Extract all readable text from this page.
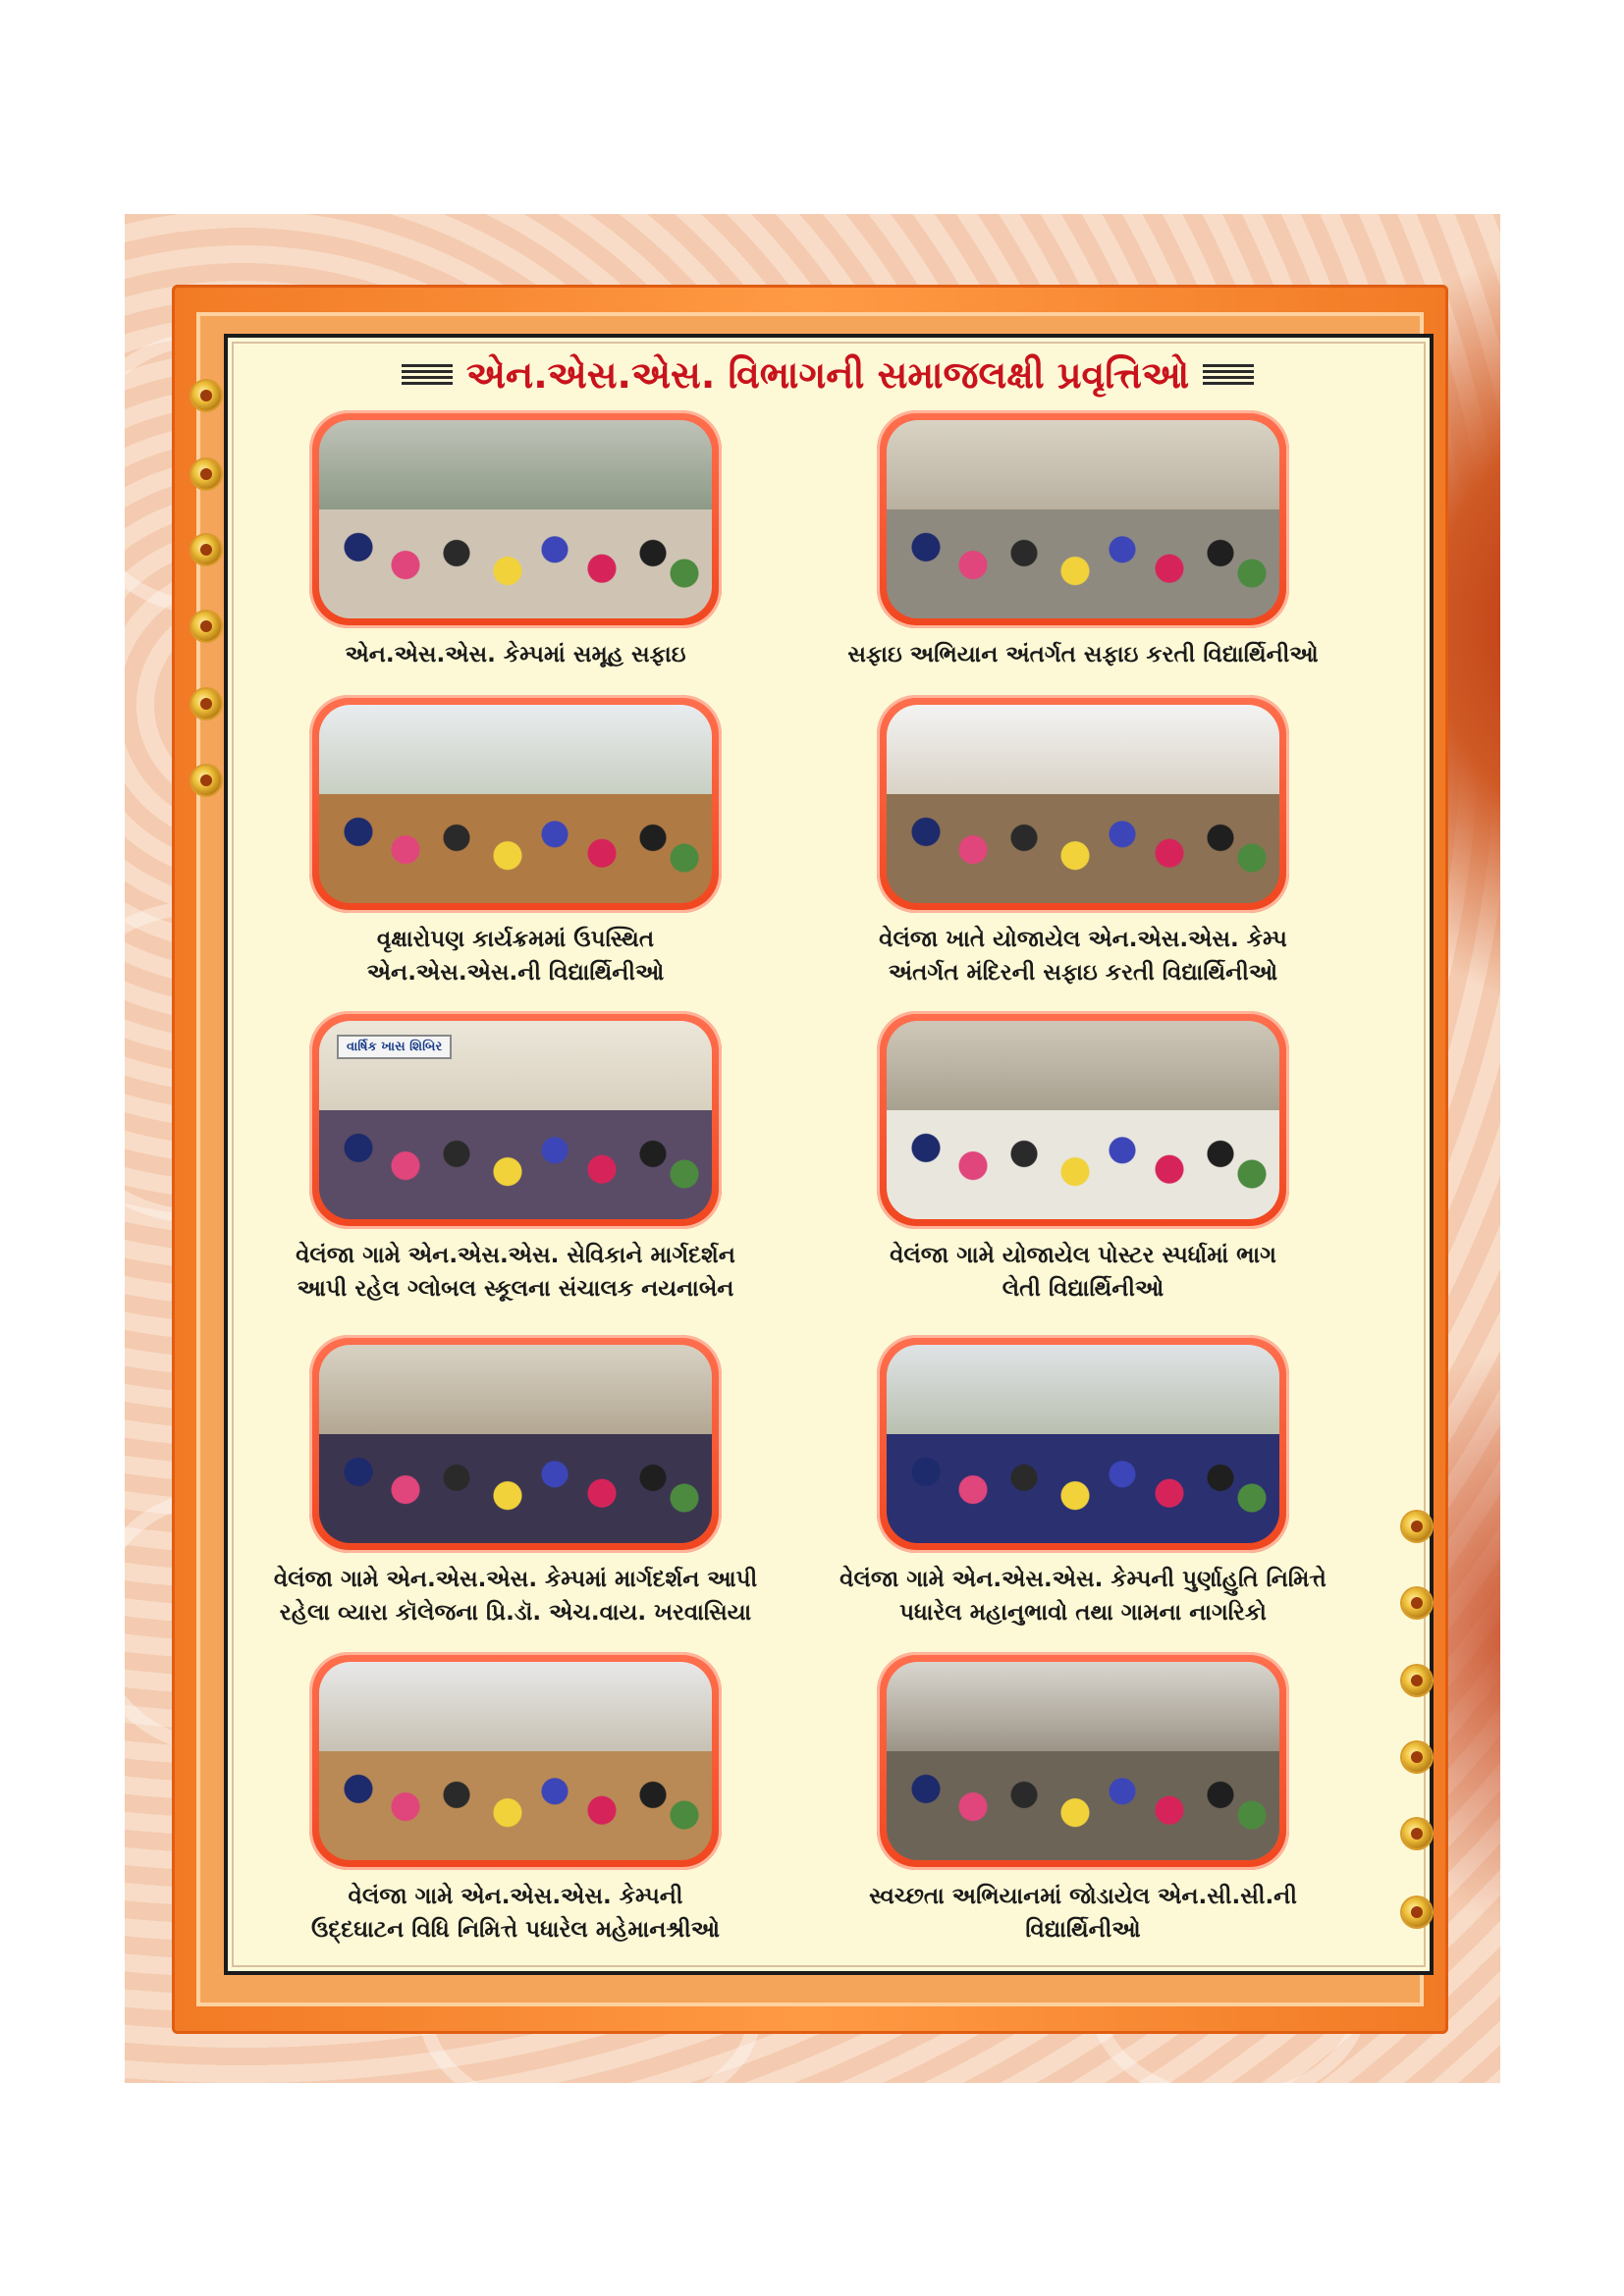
એન.એસ.એસ. વિભાગની સમાજલક્ષી પ્રવૃત્તિઓ
એન.એસ.એસ. કેમ્પમાં સમૂહ સફાઇ	સફાઇ અભિયાન અંતર્ગત સફાઇ કરતી વિદ્યાર્થિનીઓ
વૃક્ષારોપણ કાર્યક્રમમાં ઉપસ્થિત
એન.એસ.એસ.ની વિદ્યાર્થિનીઓ
વેલંજા ખાતે યોજાયેલ એન.એસ.એસ. કેમ્પ
અંતર્ગત મંદિરની સફાઇ કરતી વિદ્યાર્થિનીઓ
વાર્ષિક ખાસ શિબિર
વેલંજા ગામે એન.એસ.એસ. સેવિકાને માર્ગદર્શન
આપી રહેલ ગ્લોબલ સ્કૂલના સંચાલક નયનાબેન
વેલંજા ગામે યોજાયેલ પોસ્ટર સ્પર્ધામાં ભાગ
લેતી વિદ્યાર્થિનીઓ
વેલંજા ગામે એન.એસ.એસ. કેમ્પમાં માર્ગદર્શન આપી
રહેલા વ્યારા કૉલેજના પ્રિ.ડૉ. એચ.વાય. ખરવાસિયા
વેલંજા ગામે એન.એસ.એસ. કેમ્પની પુર્ણાહુતિ નિમિત્તે
પધારેલ મહાનુભાવો તથા ગામના નાગરિકો
વેલંજા ગામે એન.એસ.એસ. કેમ્પની
ઉદ્દઘાટન વિધિ નિમિત્તે પધારેલ મહેમાનશ્રીઓ
સ્વચ્છતા અભિયાનમાં જોડાયેલ એન.સી.સી.ની
વિદ્યાર્થિનીઓ
